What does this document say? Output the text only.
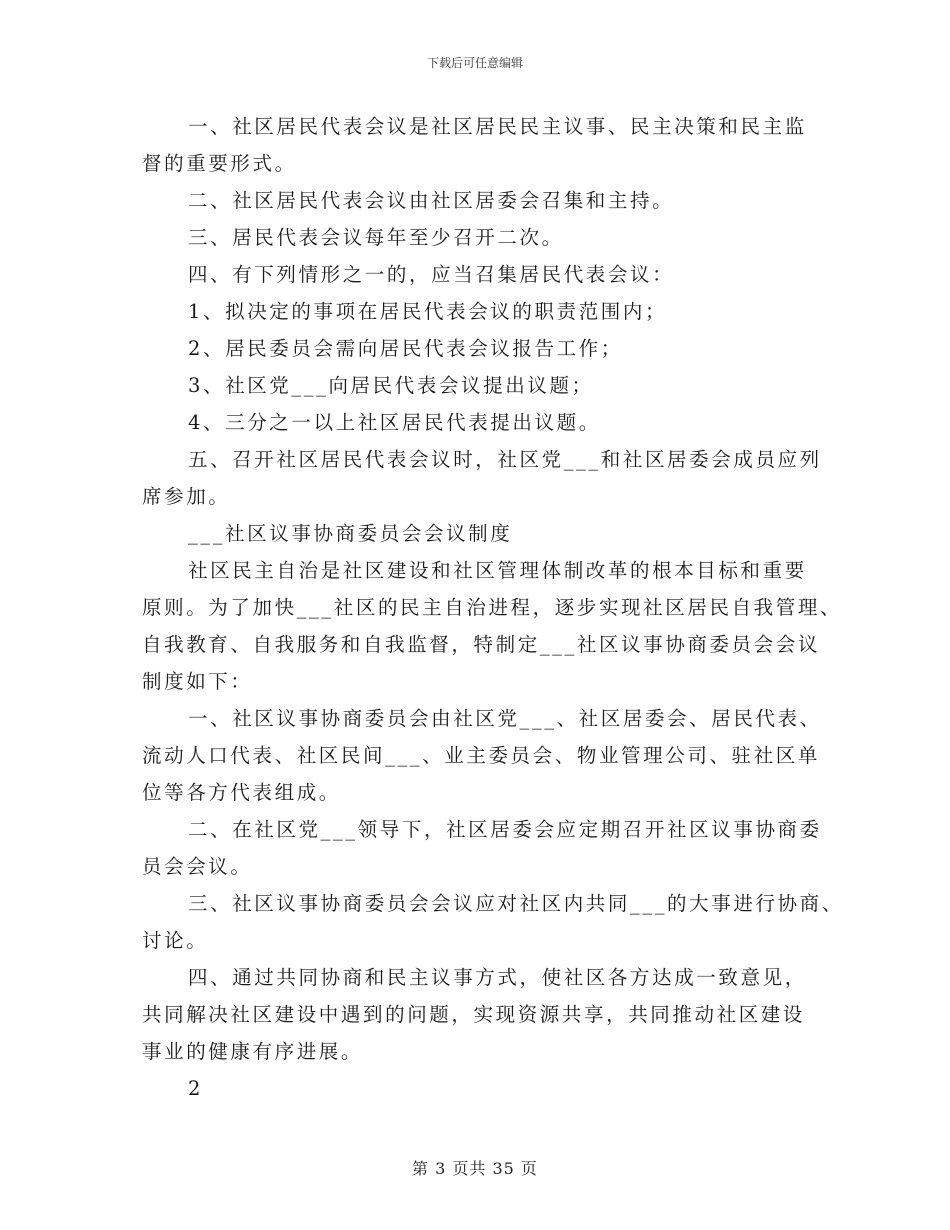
下载后可任意编辑

一、社区居民代表会议是社区居民民主议事、民主决策和民主监

督的重要形式。

二、社区居民代表会议由社区居委会召集和主持。

三、居民代表会议每年至少召开二次。

四、有下列情形之一的，应当召集居民代表会议：

1、拟决定的事项在居民代表会议的职责范围内；

2、居民委员会需向居民代表会议报告工作；

3、社区党___向居民代表会议提出议题；

4、三分之一以上社区居民代表提出议题。

五、召开社区居民代表会议时，社区党___和社区居委会成员应列

席参加。

___社区议事协商委员会会议制度

社区民主自治是社区建设和社区管理体制改革的根本目标和重要

原则。为了加快___社区的民主自治进程，逐步实现社区居民自我管理、

自我教育、自我服务和自我监督，特制定___社区议事协商委员会会议

制度如下：

一、社区议事协商委员会由社区党___、社区居委会、居民代表、

流动人口代表、社区民间___、业主委员会、物业管理公司、驻社区单

位等各方代表组成。

二、在社区党___领导下，社区居委会应定期召开社区议事协商委

员会会议。

三、社区议事协商委员会会议应对社区内共同___的大事进行协商、

讨论。

四、通过共同协商和民主议事方式，使社区各方达成一致意见，

共同解决社区建设中遇到的问题，实现资源共享，共同推动社区建设

事业的健康有序进展。

2

第 3 页共 35 页
